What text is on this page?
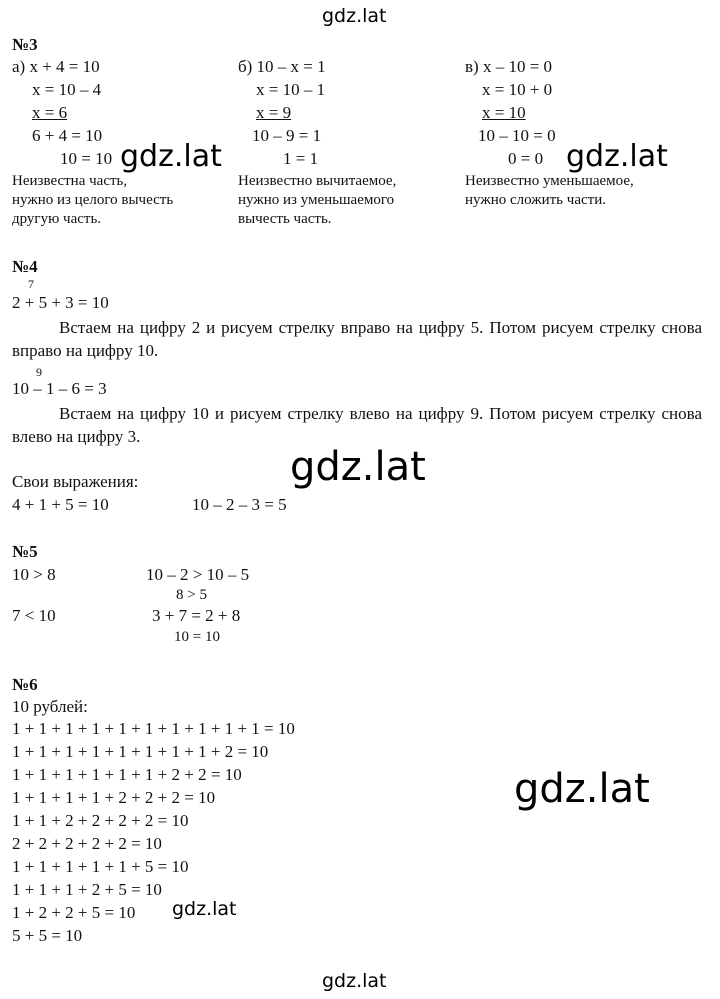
gdz.lat
№3
а) x + 4 = 10
x = 10 – 4
x = 6
6 + 4 = 10
10 = 10
Неизвестна часть,
нужно из целого вычесть
другую часть.
б) 10 – x = 1
x = 10 – 1
x = 9
10 – 9 = 1
1 = 1
Неизвестно вычитаемое,
нужно из уменьшаемого
вычесть часть.
в) x – 10 = 0
x = 10 + 0
x = 10
10 – 10 = 0
0 = 0
Неизвестно уменьшаемое,
нужно сложить части.
gdz.lat	gdz.lat
№4
7
2 + 5 + 3 = 10
Встаем на цифру 2 и рисуем стрелку вправо на цифру 5. Потом рисуем стрелку снова вправо на цифру 10.
9
10 – 1 – 6 = 3
Встаем на цифру 10 и рисуем стрелку влево на цифру 9. Потом рисуем стрелку снова влево на цифру 3.
Свои выражения:
4 + 1 + 5 = 10	10 – 2 – 3 = 5
gdz.lat
№5
10 > 8	10 – 2 > 10 – 5
8 > 5
7 < 10	3 + 7 = 2 + 8
10 = 10
№6
10 рублей:
1 + 1 + 1 + 1 + 1 + 1 + 1 + 1 + 1 + 1 = 10
1 + 1 + 1 + 1 + 1 + 1 + 1 + 1 + 2 = 10
1 + 1 + 1 + 1 + 1 + 1 + 2 + 2 = 10
1 + 1 + 1 + 1 + 2 + 2 + 2 = 10
1 + 1 + 2 + 2 + 2 + 2 = 10
2 + 2 + 2 + 2 + 2 = 10
1 + 1 + 1 + 1 + 1 + 5 = 10
1 + 1 + 1 + 2 + 5 = 10
1 + 2 + 2 + 5 = 10
5 + 5 = 10
gdz.lat
gdz.lat
gdz.lat
